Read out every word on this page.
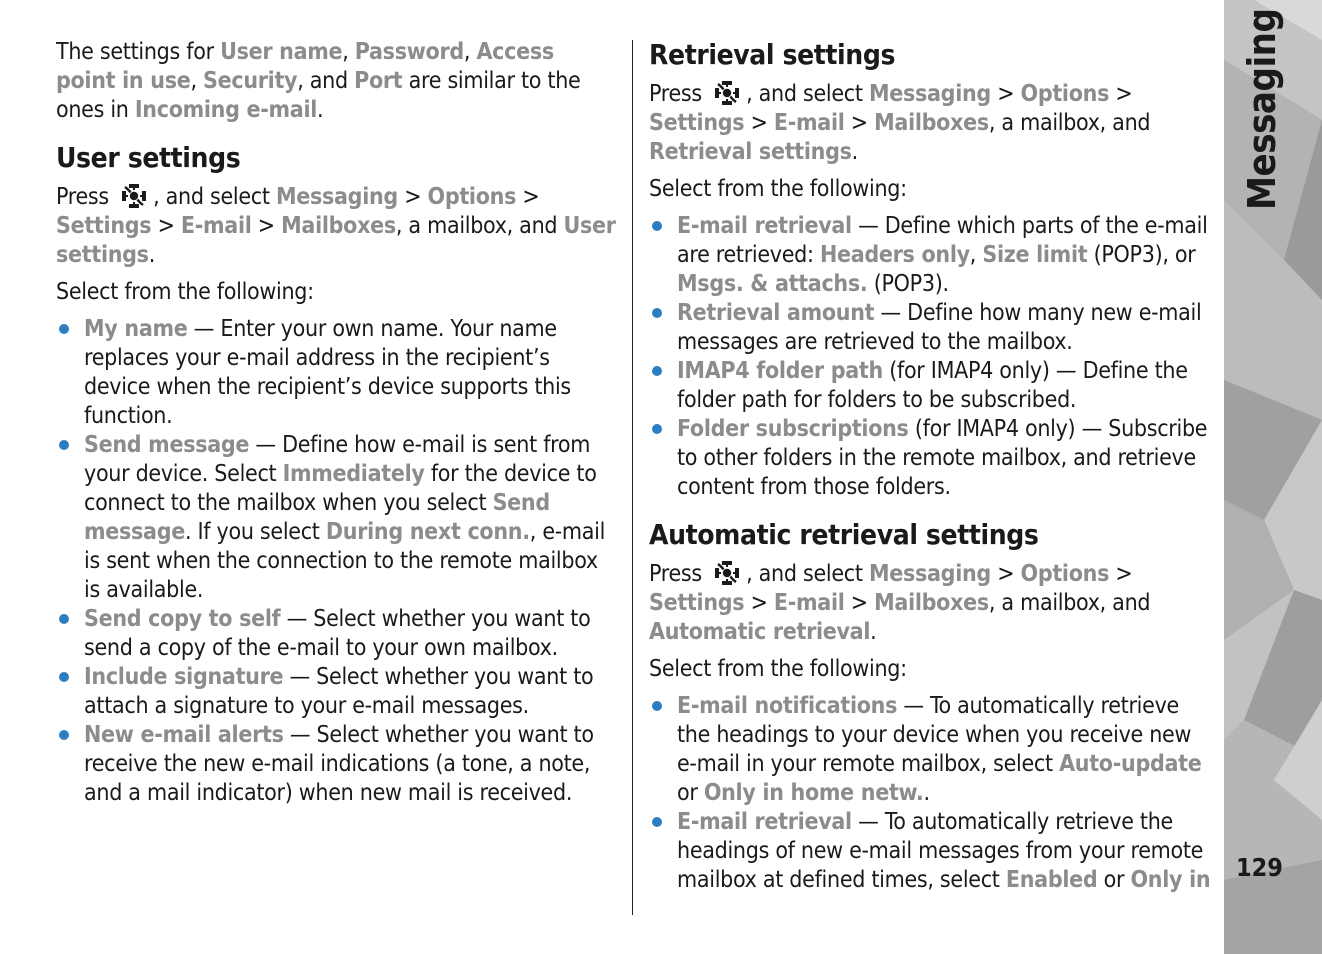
The settings for User name, Password, Access point in use, Security, and Port are similar to the ones in Incoming e-mail.

User settings

Press , and select Messaging > Options > Settings > E-mail > Mailboxes, a mailbox, and User settings.

Select from the following:

My name — Enter your own name. Your name replaces your e-mail address in the recipient’s device when the recipient’s device supports this function.
Send message — Define how e-mail is sent from your device. Select Immediately for the device to connect to the mailbox when you select Send message. If you select During next conn., e-mail is sent when the connection to the remote mailbox is available.
Send copy to self — Select whether you want to send a copy of the e-mail to your own mailbox.
Include signature — Select whether you want to attach a signature to your e-mail messages.
New e-mail alerts — Select whether you want to receive the new e-mail indications (a tone, a note, and a mail indicator) when new mail is received.
Retrieval settings

Press , and select Messaging > Options > Settings > E-mail > Mailboxes, a mailbox, and Retrieval settings.

Select from the following:

E-mail retrieval — Define which parts of the e-mail are retrieved: Headers only, Size limit (POP3), or Msgs. & attachs. (POP3).
Retrieval amount — Define how many new e-mail messages are retrieved to the mailbox.
IMAP4 folder path (for IMAP4 only) — Define the folder path for folders to be subscribed.
Folder subscriptions (for IMAP4 only) — Subscribe to other folders in the remote mailbox, and retrieve content from those folders.
Automatic retrieval settings

Press , and select Messaging > Options > Settings > E-mail > Mailboxes, a mailbox, and Automatic retrieval.

Select from the following:

E-mail notifications — To automatically retrieve the headings to your device when you receive new e-mail in your remote mailbox, select Auto-update or Only in home netw..
E-mail retrieval — To automatically retrieve the headings of new e-mail messages from your remote mailbox at defined times, select Enabled or Only in
Messaging
129
